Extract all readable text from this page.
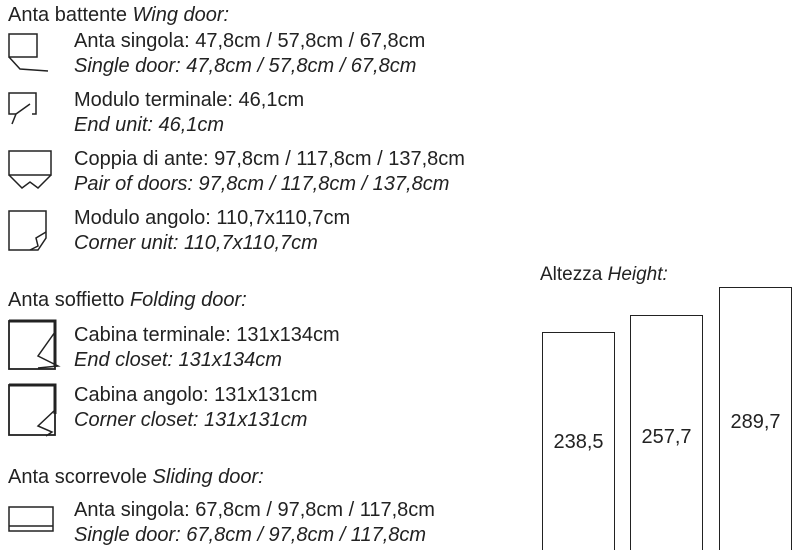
Anta battente Wing door:
Anta singola: 47,8cm / 57,8cm / 67,8cm
Single door: 47,8cm / 57,8cm / 67,8cm
Modulo terminale: 46,1cm
End unit: 46,1cm
Coppia di ante: 97,8cm / 117,8cm / 137,8cm
Pair of doors: 97,8cm / 117,8cm / 137,8cm
Modulo angolo: 110,7x110,7cm
Corner unit: 110,7x110,7cm
Anta soffietto Folding door:
Cabina terminale: 131x134cm
End closet: 131x134cm
Cabina angolo: 131x131cm
Corner closet: 131x131cm
Anta scorrevole Sliding door:
Anta singola: 67,8cm / 97,8cm / 117,8cm
Single door: 67,8cm / 97,8cm / 117,8cm
Altezza Height:
238,5	257,7
289,7
